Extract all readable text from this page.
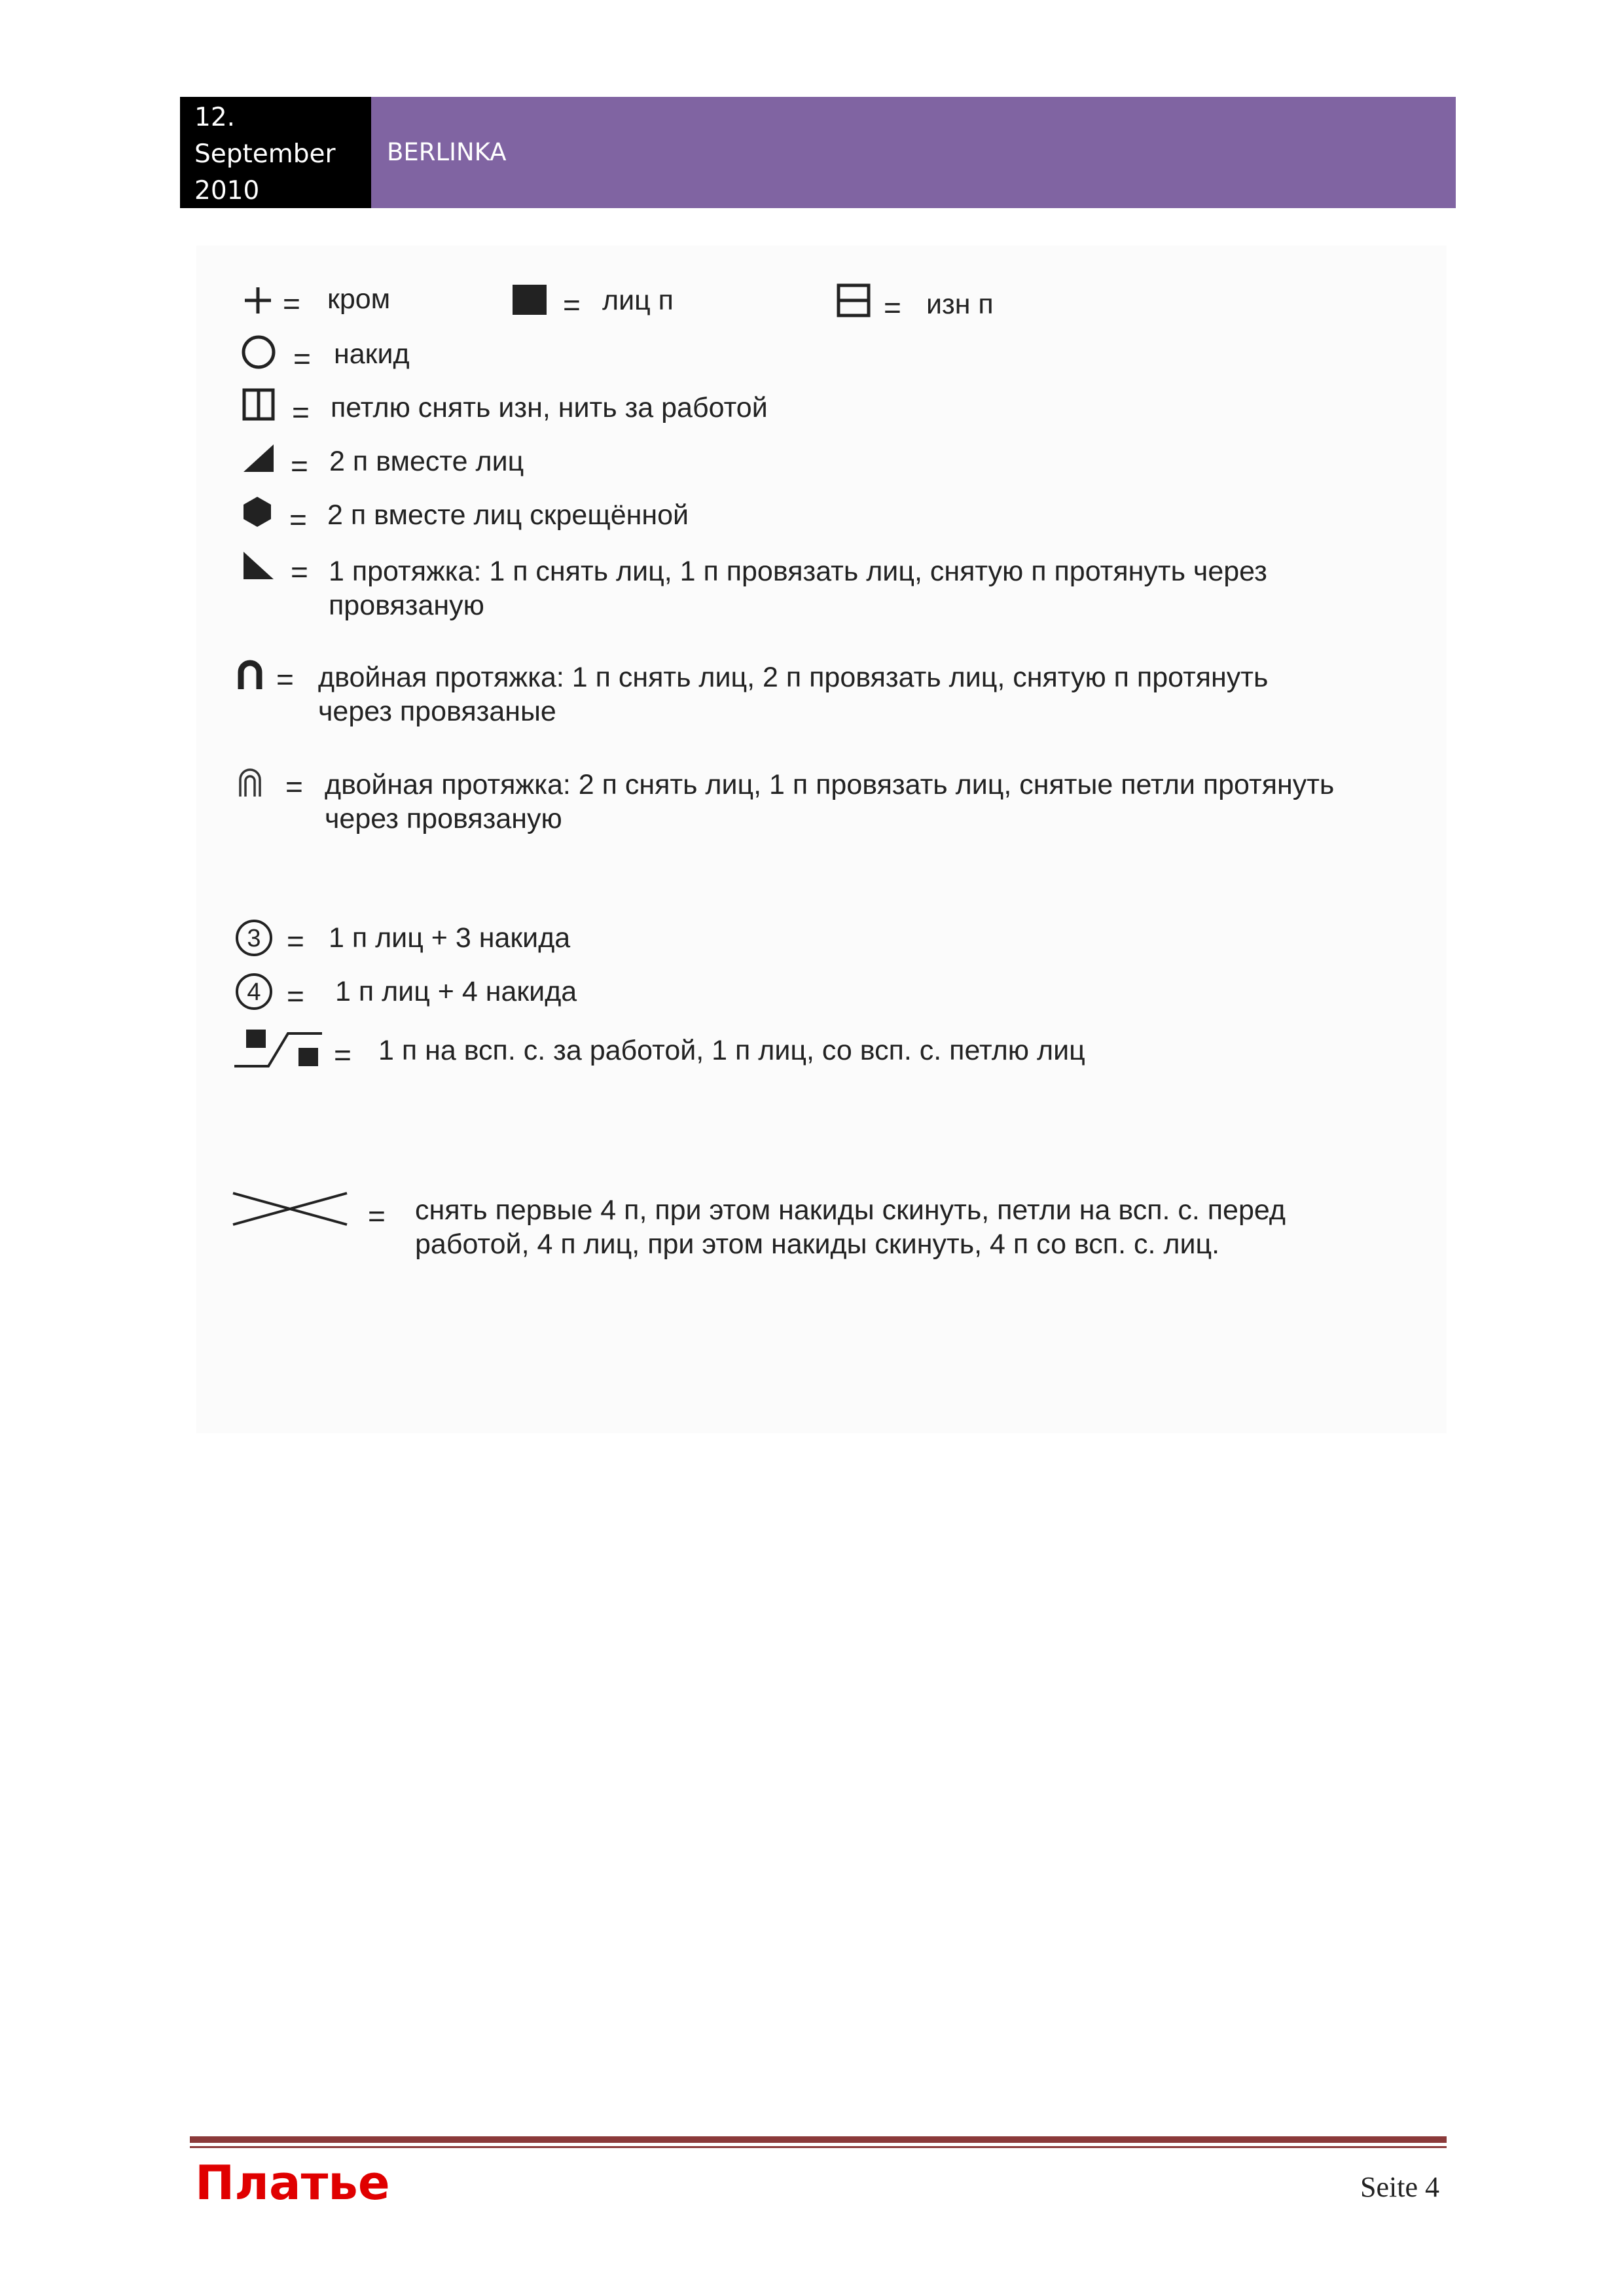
12.
September
2010
BERLINKA
= кром	= лиц п	= изн п
= накид
= петлю снять изн, нить за работой
= 2 п вместе лиц
= 2 п вместе лиц скрещённой
= 1 протяжка: 1 п снять лиц, 1 п провязать лиц, снятую п протянуть через
провязаную
= двойная протяжка: 1 п снять лиц, 2 п провязать лиц, снятую п протянуть
через провязаные
= двойная протяжка: 2 п снять лиц, 1 п провязать лиц, снятые петли протянуть
через провязаную
3 = 1 п лиц + 3 накида
4 = 1 п лиц + 4 накида
= 1 п на всп. с. за работой, 1 п лиц, со всп. с. петлю лиц
= снять первые 4 п, при этом накиды скинуть, петли на всп. с. перед
работой, 4 п лиц, при этом накиды скинуть, 4 п со всп. с. лиц.
Платье	Seite 4
